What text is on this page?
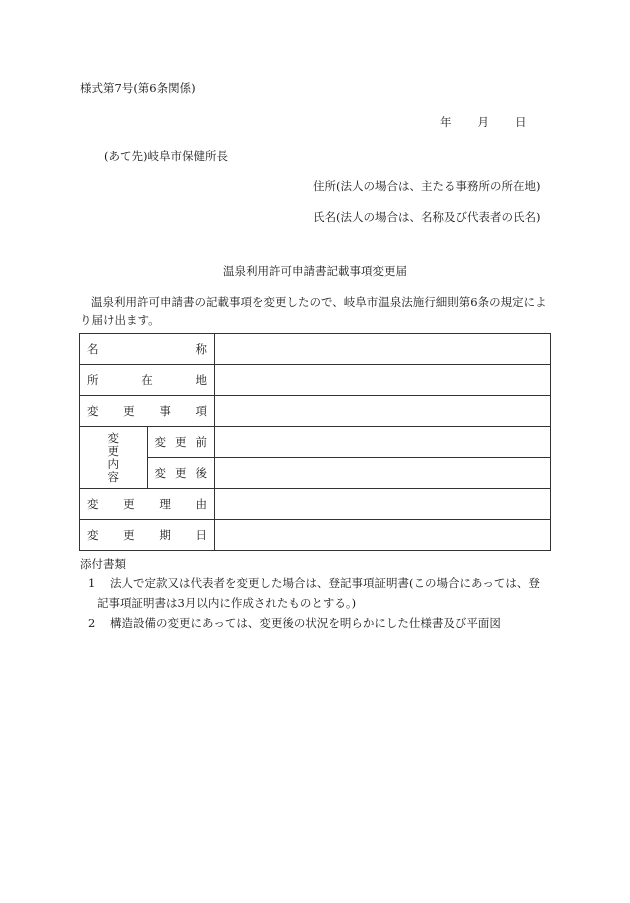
様式第7号(第6条関係)
年 月 日
(あて先)岐阜市保健所長
住所(法人の場合は、主たる事務所の所在地)
氏名(法人の場合は、名称及び代表者の氏名)
温泉利用許可申請書記載事項変更届
温泉利用許可申請書の記載事項を変更したので、岐阜市温泉法施行細則第6条の規定により届け出ます。
名 称		

所 在 地		

変 更 事 項		

変更内容	変 更 前	

	変 更 後	

変 更 理 由		

変 更 期 日		

添付書類
1 法人で定款又は代表者を変更した場合は、登記事項証明書(この場合にあっては、登
記事項証明書は3月以内に作成されたものとする。)
2 構造設備の変更にあっては、変更後の状況を明らかにした仕様書及び平面図
